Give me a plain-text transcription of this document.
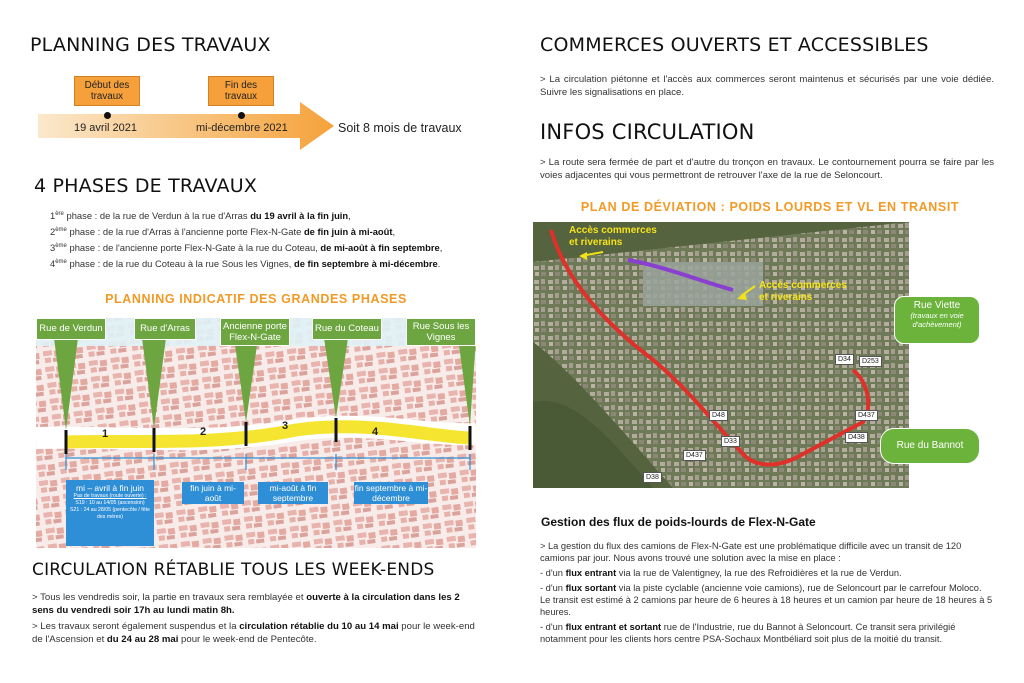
PLANNING DES TRAVAUX
Début des travaux
Fin des travaux
19 avril 2021	mi-décembre 2021	Soit 8 mois de travaux
4 PHASES DE TRAVAUX
1ère phase : de la rue de Verdun à la rue d'Arras du 19 avril à la fin juin,
2ème phase : de la rue d'Arras à l'ancienne porte Flex-N-Gate de fin juin à mi-août,
3ème phase : de l'ancienne porte Flex-N-Gate à la rue du Coteau, de mi-août à fin septembre,
4ème phase : de la rue du Coteau à la rue Sous les Vignes, de fin septembre à mi-décembre.
PLANNING INDICATIF DES GRANDES PHASES
Rue de Verdun	Rue d'Arras	Ancienne porte Flex-N-Gate
Rue du Coteau	Rue Sous les Vignes
1	2	3	4
mi – avril à fin juin
Pas de travaux (route ouverte) :
S19 : 10 au 14/05 (ascension)
S21 : 24 au 28/05 (pentecôte / fête des mères)
fin juin à mi-août
mi-août à fin septembre
fin septembre à mi-décembre
CIRCULATION RÉTABLIE TOUS LES WEEK-ENDS

> Tous les vendredis soir, la partie en travaux sera remblayée et ouverte à la circulation dans les 2 sens du vendredi soir 17h au lundi matin 8h.

> Les travaux seront également suspendus et la circulation rétablie du 10 au 14 mai pour le week-end de l'Ascension et du 24 au 28 mai pour le week-end de Pentecôte.

COMMERCES OUVERTS ET ACCESSIBLES
> La circulation piétonne et l'accès aux commerces seront maintenus et sécurisés par une voie dédiée. Suivre les signalisations en place.
INFOS CIRCULATION
> La route sera fermée de part et d'autre du tronçon en travaux. Le contournement pourra se faire par les voies adjacentes qui vous permettront de retrouver l'axe de la rue de Seloncourt.
PLAN DE DÉVIATION : POIDS LOURDS ET VL EN TRANSIT
Accès commerces et riverains
Accès commerces et riverains
D34	D253
D437
D438
D48
D33
D437
D38
Rue Viette
(travaux en voie d'achèvement)
Rue du Bannot
Gestion des flux de poids-lourds de Flex-N-Gate

> La gestion du flux des camions de Flex-N-Gate est une problématique difficile avec un transit de 120 camions par jour. Nous avons trouvé une solution avec la mise en place :

- d'un flux entrant via la rue de Valentigney, la rue des Refroidières et la rue de Verdun.

- d'un flux sortant via la piste cyclable (ancienne voie camions), rue de Seloncourt par le carrefour Moloco. Le transit est estimé à 2 camions par heure de 6 heures à 18 heures et un camion par heure de 18 heures à 5 heures.

- d'un flux entrant et sortant rue de l'Industrie, rue du Bannot à Seloncourt. Ce transit sera privilégié notamment pour les clients hors centre PSA-Sochaux Montbéliard soit plus de la moitié du transit.
